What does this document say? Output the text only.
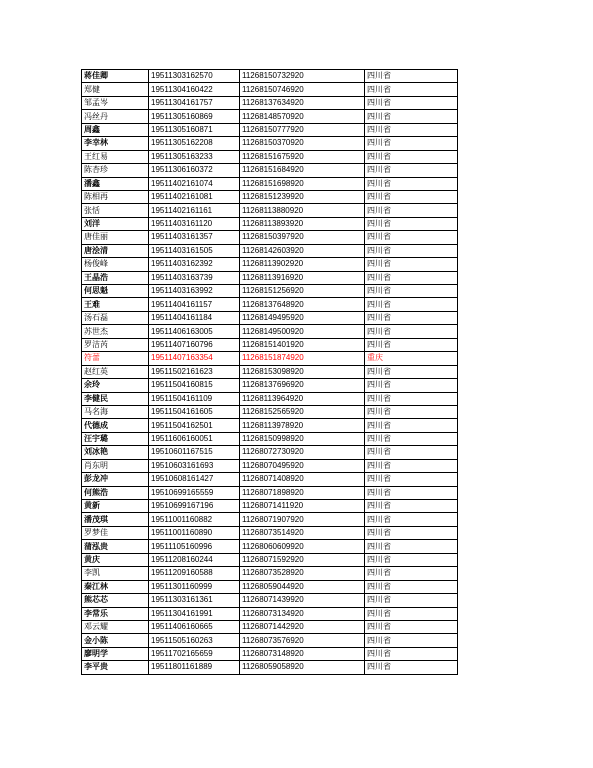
蒋佳卿	19511303162570	11268150732920	四川省
郑健	19511304160422	11268150746920	四川省
邹孟岑	19511304161757	11268137634920	四川省
冯丝丹	19511305160869	11268148570920	四川省
周鑫	19511305160871	11268150777920	四川省
李幸林	19511305162208	11268150370920	四川省
王红易	19511305163233	11268151675920	四川省
陈杏珍	19511306160372	11268151684920	四川省
潘鑫	19511402161074	11268151698920	四川省
陈相再	19511402161081	11268151239920	四川省
张恬	19511402161161	11268113880920	四川省
刘洋	19511403161120	11268113893920	四川省
唐佳丽	19511403161357	11268150397920	四川省
唐浍清	19511403161505	11268142603920	四川省
杨俊峰	19511403162392	11268113902920	四川省
王晶浩	19511403163739	11268113916920	四川省
何思魁	19511403163992	11268151256920	四川省
王难	19511404161157	11268137648920	四川省
汤石磊	19511404161184	11268149495920	四川省
苏世杰	19511406163005	11268149500920	四川省
罗洁芮	19511407160796	11268151401920	四川省
符蕾	19511407163354	11268151874920	重庆
赵红英	19511502161623	11268153098920	四川省
余玲	19511504160815	11268137696920	四川省
李健民	19511504161109	11268113964920	四川省
马名海	19511504161605	11268152565920	四川省
代德成	19511504162501	11268113978920	四川省
汪宇璐	19511606160051	11268150998920	四川省
刘冰艳	19510601167515	11268072730920	四川省
肖东明	19510603161693	11268070495920	四川省
彭龙冲	19510608161427	11268071408920	四川省
何熊浩	19510699165559	11268071898920	四川省
黄新	19510699167196	11268071411920	四川省
潘茂琪	19511001160882	11268071907920	四川省
罗梦佳	19511001160890	11268073514920	四川省
蒲泓贵	19511105160996	11268060609920	四川省
黄庆	19511208160244	11268071592920	四川省
李凯	19511209160588	11268073528920	四川省
秦江林	19511301160999	11268059044920	四川省
熊芯芯	19511303161361	11268071439920	四川省
李常乐	19511304161991	11268073134920	四川省
邓云耀	19511406160665	11268071442920	四川省
金小陈	19511505160263	11268073576920	四川省
廖明学	19511702165659	11268073148920	四川省
李平贵	19511801161889	11268059058920	四川省
